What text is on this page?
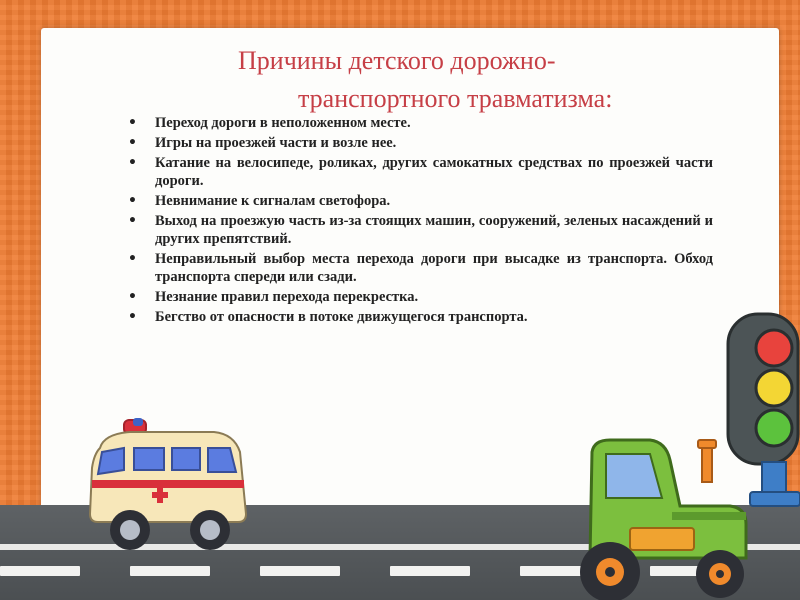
Причины детского дорожно-
транспортного травматизма:
• Переход дороги в неположенном месте.
• Игры на проезжей части и возле нее.
• Катание на велосипеде, роликах, других самокатных средствах по проезжей части дороги.
• Невнимание к сигналам светофора.
• Выход на проезжую часть из-за стоящих машин, сооружений, зеленых насаждений и других препятствий.
• Неправильный выбор места перехода дороги при высадке из транспорта. Обход транспорта спереди или сзади.
• Незнание правил перехода перекрестка.
• Бегство от опасности в потоке движущегося транспорта.
